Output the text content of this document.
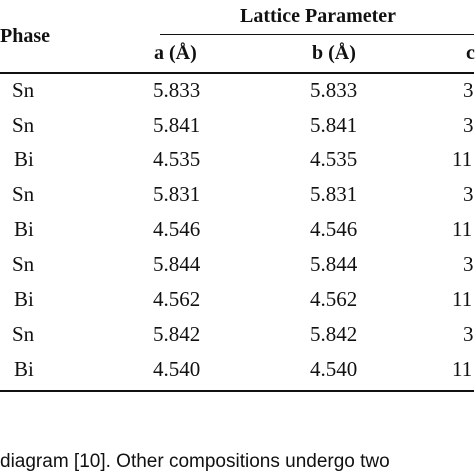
Lattice Parameter
Phase
a (Å)	b (Å)	c
Sn	5.833	5.833	3
Sn	5.841	5.841	3
Bi	4.535	4.535	11
Sn	5.831	5.831	3
Bi	4.546	4.546	11
Sn	5.844	5.844	3
Bi	4.562	4.562	11
Sn	5.842	5.842	3
Bi	4.540	4.540	11
diagram [10]. Other compositions undergo two
